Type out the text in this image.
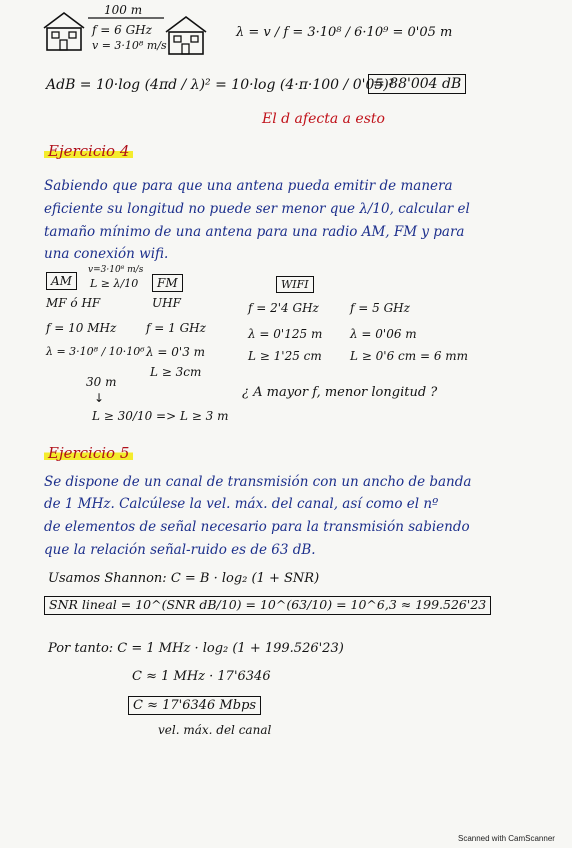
100 m
f = 6 GHz
v = 3·10⁸ m/s
λ = v / f = 3·10⁸ / 6·10⁹ = 0'05 m
AdB = 10·log (4πd / λ)² = 10·log (4·π·100 / 0'05)²
= 88'004 dB
El d afecta a esto
Ejercicio 4
Sabiendo que para que una antena pueda emitir de manera
eficiente su longitud no puede ser menor que λ/10, calcular el
tamaño mínimo de una antena para una radio AM, FM y para
una conexión wifi.
AM
v=3·10⁸ m/s
L ≥ λ/10
MF ó HF
f = 10 MHz
λ = 3·10⁸ / 10·10⁶
30 m
↓
L ≥ 30/10 => L ≥ 3 m
FM
UHF
f = 1 GHz
λ = 0'3 m
L ≥ 3cm
WIFI
f = 2'4 GHz	f = 5 GHz
λ = 0'125 m λ = 0'06 m
L ≥ 1'25 cm L ≥ 0'6 cm = 6 mm
¿ A mayor f, menor longitud ?
Ejercicio 5
Se dispone de un canal de transmisión con un ancho de banda
de 1 MHz. Calcúlese la vel. máx. del canal, así como el nº
de elementos de señal necesario para la transmisión sabiendo
que la relación señal-ruido es de 63 dB.
Usamos Shannon: C = B · log₂ (1 + SNR)
SNR lineal = 10^(SNR dB/10) = 10^(63/10) = 10^6,3 ≈ 199.526'23
Por tanto: C = 1 MHz · log₂ (1 + 199.526'23)
C ≈ 1 MHz · 17'6346
C ≈ 17'6346 Mbps
vel. máx. del canal
Scanned with CamScanner
